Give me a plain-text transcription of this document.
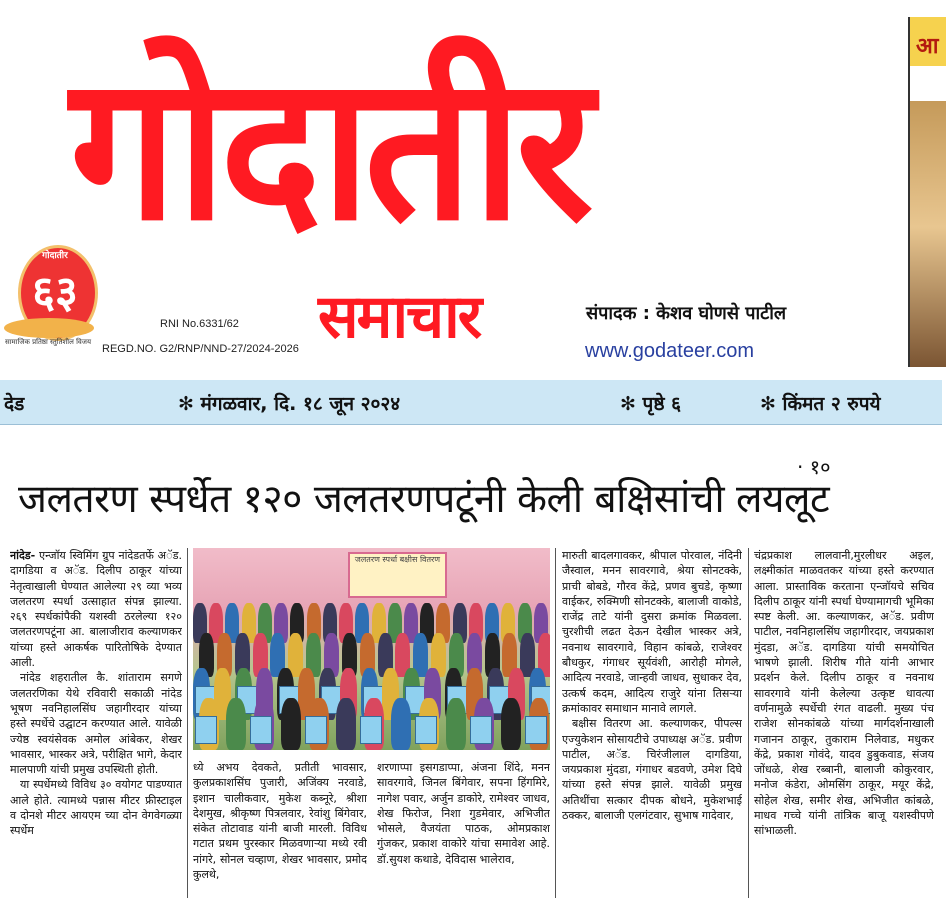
गोदातीर
गोदातीर
६३
सामाजिक प्रतिष्ठा स्तुतिशील विजय
RNI No.6331/62
REGD.NO. G2/RNP/NND-27/2024-2026 समाचार	संपादक : केशव घोणसे पाटील
www.godateer.com
आ
देड	✻ मंगळवार, दि. १८ जून २०२४	✻ पृष्ठे ६	✻ किंमत २ रुपये
· १०
जलतरण स्पर्धेत १२० जलतरणपटूंनी केली बक्षिसांची लयलूट

नांदेड- एन्जॉय स्विमिंग ग्रुप नांदेडतर्फे अॅड. दागडिया व अॅड. दिलीप ठाकूर यांच्या नेतृत्वाखाली घेण्यात आलेल्या २९ व्या भव्य जलतरण स्पर्धा उत्साहात संपन्न झाल्या. २६९ स्पर्धकांपैकी यशस्वी ठरलेल्या १२० जलतरणपटूंना आ. बालाजीराव कल्याणकर यांच्या हस्ते आकर्षक पारितोषिके देण्यात आली.

नांदेड शहरातील कै. शांताराम सगणे जलतरणिका येथे रविवारी सकाळी नांदेड भूषण नवनिहालसिंघ जहागीरदार यांच्या हस्ते स्पर्धेचे उद्घाटन करण्यात आले. यावेळी ज्येष्ठ स्वयंसेवक अमोल आंबेकर, शेखर भावसार, भास्कर अत्रे, परीक्षित भागे, केदार मालपाणी यांची प्रमुख उपस्थिती होती.

या स्पर्धेमध्ये विविध ३० वयोगट पाडण्यात आले होते. त्यामध्ये पन्नास मीटर फ्रीस्टाइल व दोनशे मीटर आयएम च्या दोन वेगवेगळ्या स्पर्धेम

जलतरण स्पर्धा बक्षीस वितरण

ध्ये अभय देवकते, प्रतीती भावसार, कुलप्रकाशसिंघ पुजारी, अजिंक्य नरवाडे, इशान चालीकवार, मुकेश कब्नूरे, श्रीशा देशमुख, श्रीकृष्ण पित्रलवार, रेवांशु बिंगेवार, संकेत तोटावाड यांनी बाजी मारली. विविध गटात प्रथम पुरस्कार मिळवणाऱ्या मध्ये रवी नांगरे, सोनल चव्हाण, शेखर भावसार, प्रमोद कुलथे,

शरणाप्पा इसगडाप्पा, अंजना शिंदे, मनन सावरगावे, जिनल बिंगेवार, सपना हिंगमिरे, नागेश पवार, अर्जुन डाकोरे, रामेश्वर जाधव, शेख फिरोज, निशा गुडमेवार, अभिजीत भोसले, वैजयंता पाठक, ओमप्रकाश गुंजकर, प्रकाश वाकोरे यांचा समावेश आहे. डॉ.सुयश कथाडे, देविदास भालेराव,

मारुती बादलगावकर, श्रीपाल पोरवाल, नंदिनी जैस्वाल, मनन सावरगावे, श्रेया सोनटक्के, प्राची बोबडे, गौरव केंद्रे, प्रणव बुचडे, कृष्णा वाईकर, रुक्मिणी सोनटक्के, बालाजी वाकोडे, राजेंद्र ताटे यांनी दुसरा क्रमांक मिळवला. चुरशीची लढत देऊन देखील भास्कर अत्रे, नवनाथ सावरगावे, विहान कांबळे, राजेश्वर बौधकुर, गंगाधर सूर्यवंशी, आरोही मोगले, आदित्य नरवाडे, जान्हवी जाधव, सुधाकर देव, उत्कर्ष कदम, आदित्य राजुरे यांना तिसऱ्या क्रमांकावर समाधान मानावे लागले.

बक्षीस वितरण आ. कल्याणकर, पीपल्स एज्युकेशन सोसायटीचे उपाध्यक्ष अॅड. प्रवीण पाटील, अॅड. चिरंजीलाल दागडिया, जयप्रकाश मुंदडा, गंगाधर बडवणे, उमेश दिघे यांच्या हस्ते संपन्न झाले. यावेळी प्रमुख अतिथींचा सत्कार दीपक बोधने, मुकेशभाई ठक्कर, बालाजी एलगंटवार, सुभाष गादेवार,

चंद्रप्रकाश लालवानी,मुरलीधर अइल, लक्ष्मीकांत माळवतकर यांच्या हस्ते करण्यात आला. प्रास्ताविक करताना एन्जॉयचे सचिव दिलीप ठाकूर यांनी स्पर्धा घेण्यामागची भूमिका स्पष्ट केली. आ. कल्याणकर, अॅड. प्रवीण पाटील, नवनिहालसिंघ जहागीरदार, जयप्रकाश मुंदडा, अॅड. दागडिया यांची समयोचित भाषणे झाली. शिरीष गीते यांनी आभार प्रदर्शन केले. दिलीप ठाकूर व नवनाथ सावरगावे यांनी केलेल्या उत्कृष्ट धावत्या वर्णनामुळे स्पर्धेची रंगत वाढली. मुख्य पंच राजेश सोनकांबळे यांच्या मार्गदर्शनाखाली गजानन ठाकूर, तुकाराम निलेवाड, मधुकर केंद्रे, प्रकाश गोवंदे, यादव डुबुकवाड, संजय जोंधळे, शेख रब्बानी, बालाजी कोकुरवार, मनोज कंडेरा, ओमसिंग ठाकूर, मयूर केंद्रे, सोहेल शेख, समीर शेख, अभिजीत कांबळे, माधव गच्चे यांनी तांत्रिक बाजू यशस्वीपणे सांभाळली.
